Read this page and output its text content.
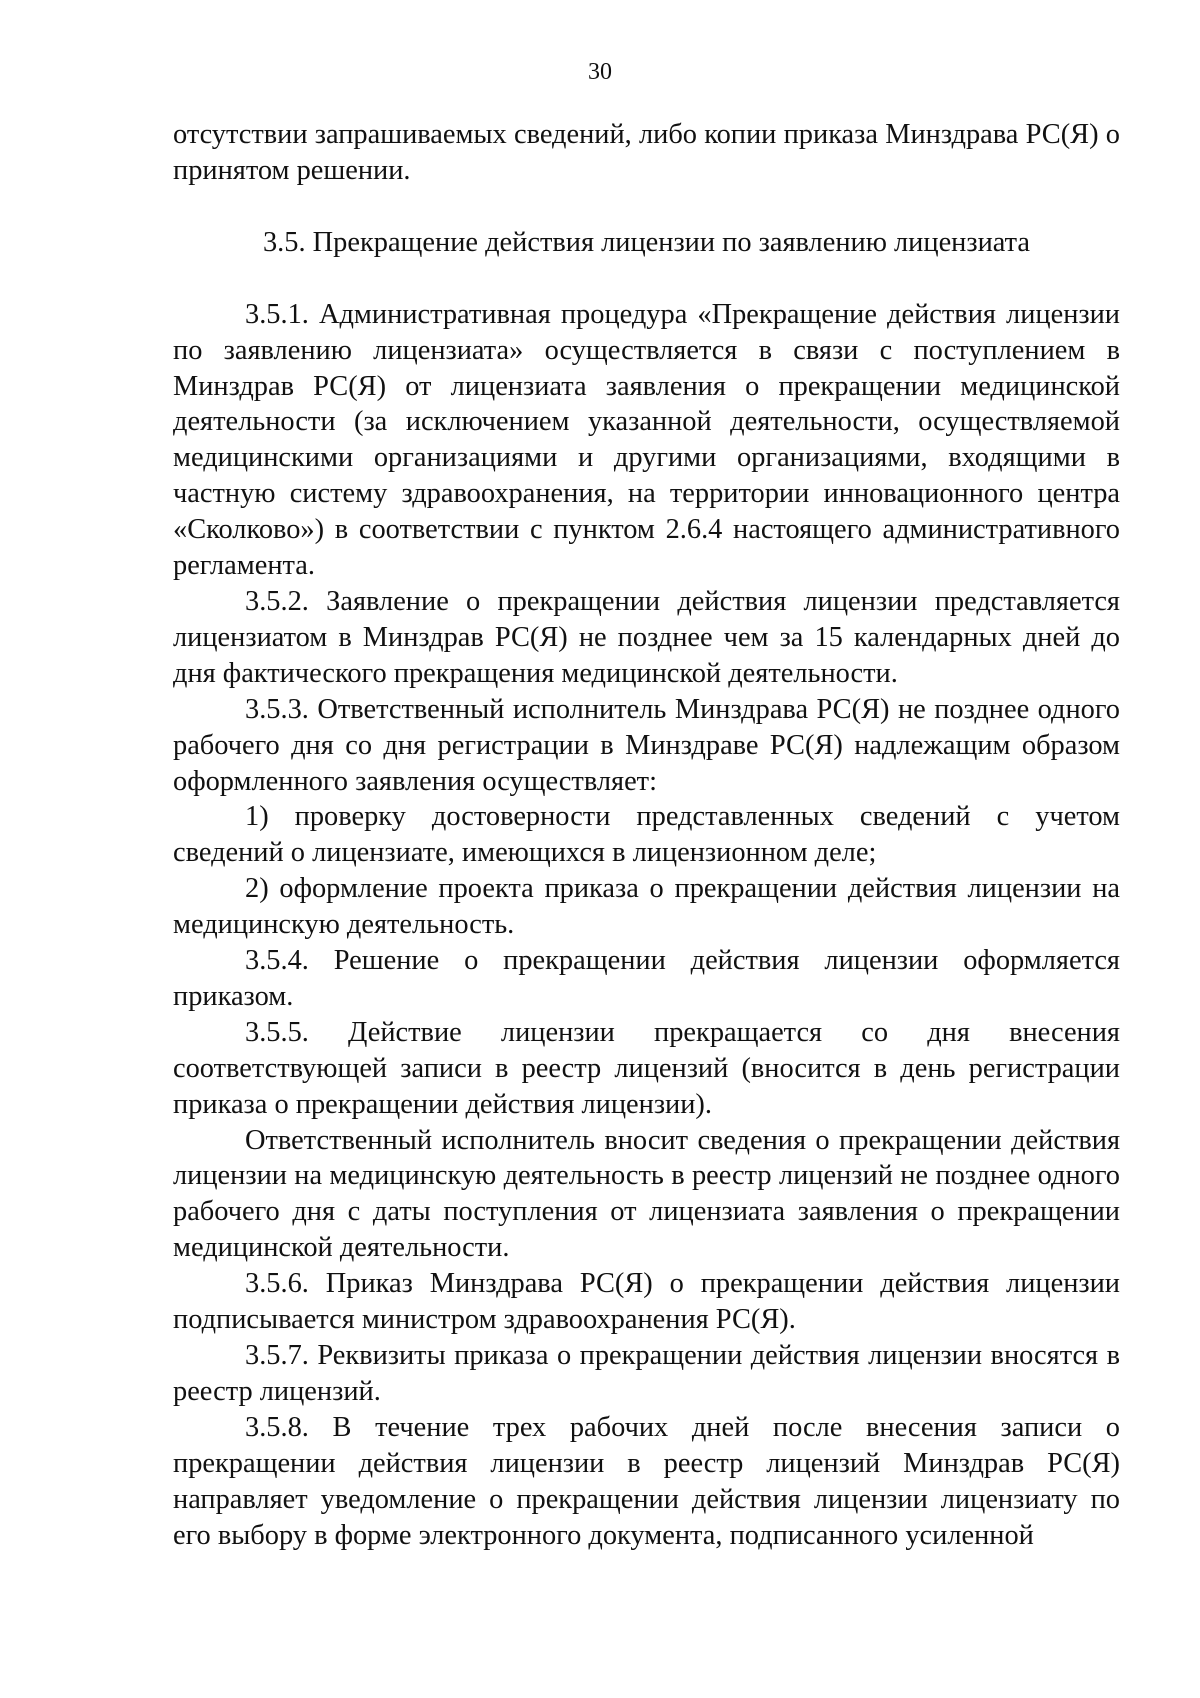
30

отсутствии запрашиваемых сведений, либо копии приказа Минздрава РС(Я) о принятом решении.

3.5. Прекращение действия лицензии по заявлению лицензиата

3.5.1. Административная процедура «Прекращение действия лицензии по заявлению лицензиата» осуществляется в связи с поступлением в Минздрав РС(Я) от лицензиата заявления о прекращении медицинской деятельности (за исключением указанной деятельности, осуществляемой медицинскими организациями и другими организациями, входящими в частную систему здравоохранения, на территории инновационного центра «Сколково») в соответствии с пунктом 2.6.4 настоящего административного регламента.

3.5.2. Заявление о прекращении действия лицензии представляется лицензиатом в Минздрав РС(Я) не позднее чем за 15 календарных дней до дня фактического прекращения медицинской деятельности.

3.5.3. Ответственный исполнитель Минздрава РС(Я) не позднее одного рабочего дня со дня регистрации в Минздраве РС(Я) надлежащим образом оформленного заявления осуществляет:

1) проверку достоверности представленных сведений с учетом сведений о лицензиате, имеющихся в лицензионном деле;

2) оформление проекта приказа о прекращении действия лицензии на медицинскую деятельность.

3.5.4. Решение о прекращении действия лицензии оформляется приказом.

3.5.5. Действие лицензии прекращается со дня внесения соответствующей записи в реестр лицензий (вносится в день регистрации приказа о прекращении действия лицензии).

Ответственный исполнитель вносит сведения о прекращении действия лицензии на медицинскую деятельность в реестр лицензий не позднее одного рабочего дня с даты поступления от лицензиата заявления о прекращении медицинской деятельности.

3.5.6. Приказ Минздрава РС(Я) о прекращении действия лицензии подписывается министром здравоохранения РС(Я).

3.5.7. Реквизиты приказа о прекращении действия лицензии вносятся в реестр лицензий.

3.5.8. В течение трех рабочих дней после внесения записи о прекращении действия лицензии в реестр лицензий Минздрав РС(Я) направляет уведомление о прекращении действия лицензии лицензиату по его выбору в форме электронного документа, подписанного усиленной
